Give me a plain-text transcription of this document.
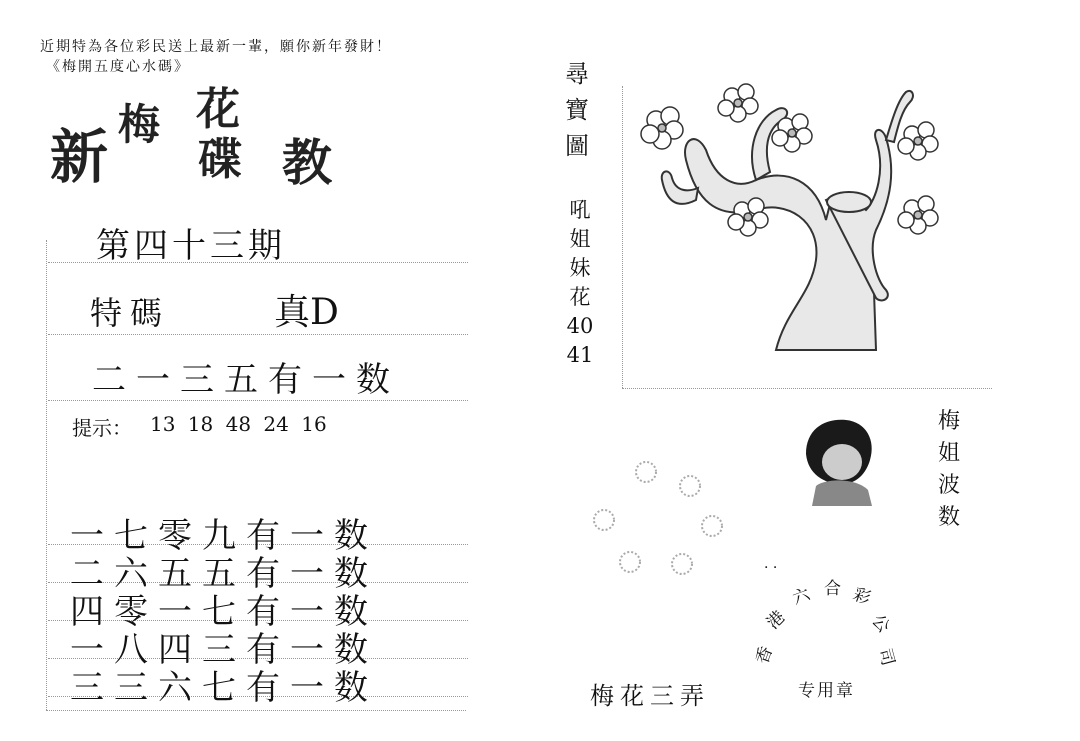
近期特為各位彩民送上最新一輩，願你新年發財！
《梅開五度心水碼》
新 梅 花
碟 教
第四十三期
特碼	真D
二一三五有一数
提示： 13 18 48 24 16
一七零九有一数
二六五五有一数
四零一七有一数
一八四三有一数
三三六七有一数
尋
寶
圖
吼
姐
妹
花
40
41
梅
姐
波
数
香
港
六 合 彩
公
司
专用章
· ·
梅花三弄
